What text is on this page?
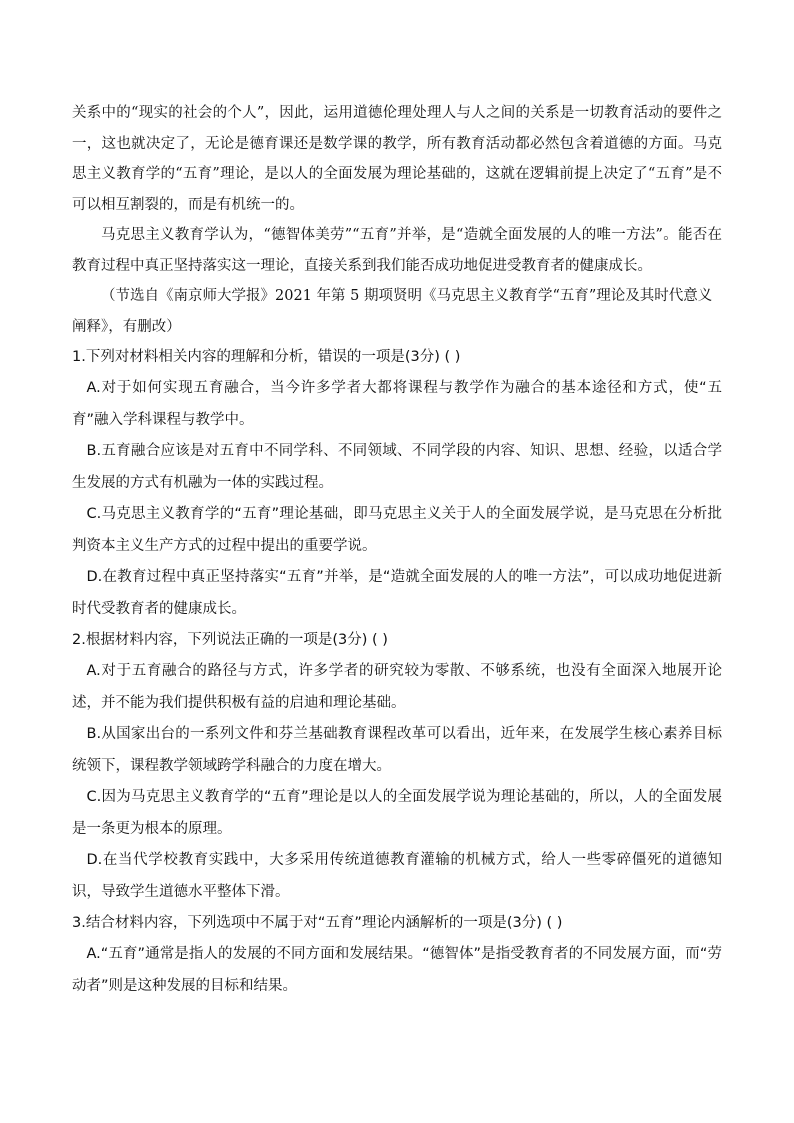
关系中的“现实的社会的个人”，因此，运用道德伦理处理人与人之间的关系是一切教育活动的要件之一，这也就决定了，无论是德育课还是数学课的教学，所有教育活动都必然包含着道德的方面。马克思主义教育学的“五育”理论，是以人的全面发展为理论基础的，这就在逻辑前提上决定了“五育”是不可以相互割裂的，而是有机统一的。

马克思主义教育学认为，“德智体美劳”“五育”并举，是“造就全面发展的人的唯一方法”。能否在教育过程中真正坚持落实这一理论，直接关系到我们能否成功地促进受教育者的健康成长。

（节选自《南京师大学报》2021 年第 5 期项贤明《马克思主义教育学“五育”理论及其时代意义阐释》，有删改）

1.下列对材料相关内容的理解和分析，错误的一项是(3分) ( )

A.对于如何实现五育融合，当今许多学者大都将课程与教学作为融合的基本途径和方式，使“五育”融入学科课程与教学中。

B.五育融合应该是对五育中不同学科、不同领域、不同学段的内容、知识、思想、经验，以适合学生发展的方式有机融为一体的实践过程。

C.马克思主义教育学的“五育”理论基础，即马克思主义关于人的全面发展学说，是马克思在分析批判资本主义生产方式的过程中提出的重要学说。

D.在教育过程中真正坚持落实“五育”并举，是“造就全面发展的人的唯一方法”，可以成功地促进新时代受教育者的健康成长。

2.根据材料内容，下列说法正确的一项是(3分) ( )

A.对于五育融合的路径与方式，许多学者的研究较为零散、不够系统，也没有全面深入地展开论述，并不能为我们提供积极有益的启迪和理论基础。

B.从国家出台的一系列文件和芬兰基础教育课程改革可以看出，近年来，在发展学生核心素养目标统领下，课程教学领域跨学科融合的力度在增大。

C.因为马克思主义教育学的“五育”理论是以人的全面发展学说为理论基础的，所以，人的全面发展是一条更为根本的原理。

D.在当代学校教育实践中，大多采用传统道德教育灌输的机械方式，给人一些零碎僵死的道德知识，导致学生道德水平整体下滑。

3.结合材料内容，下列选项中不属于对“五育”理论内涵解析的一项是(3分) ( )

A.“五育”通常是指人的发展的不同方面和发展结果。“德智体”是指受教育者的不同发展方面，而“劳动者”则是这种发展的目标和结果。
